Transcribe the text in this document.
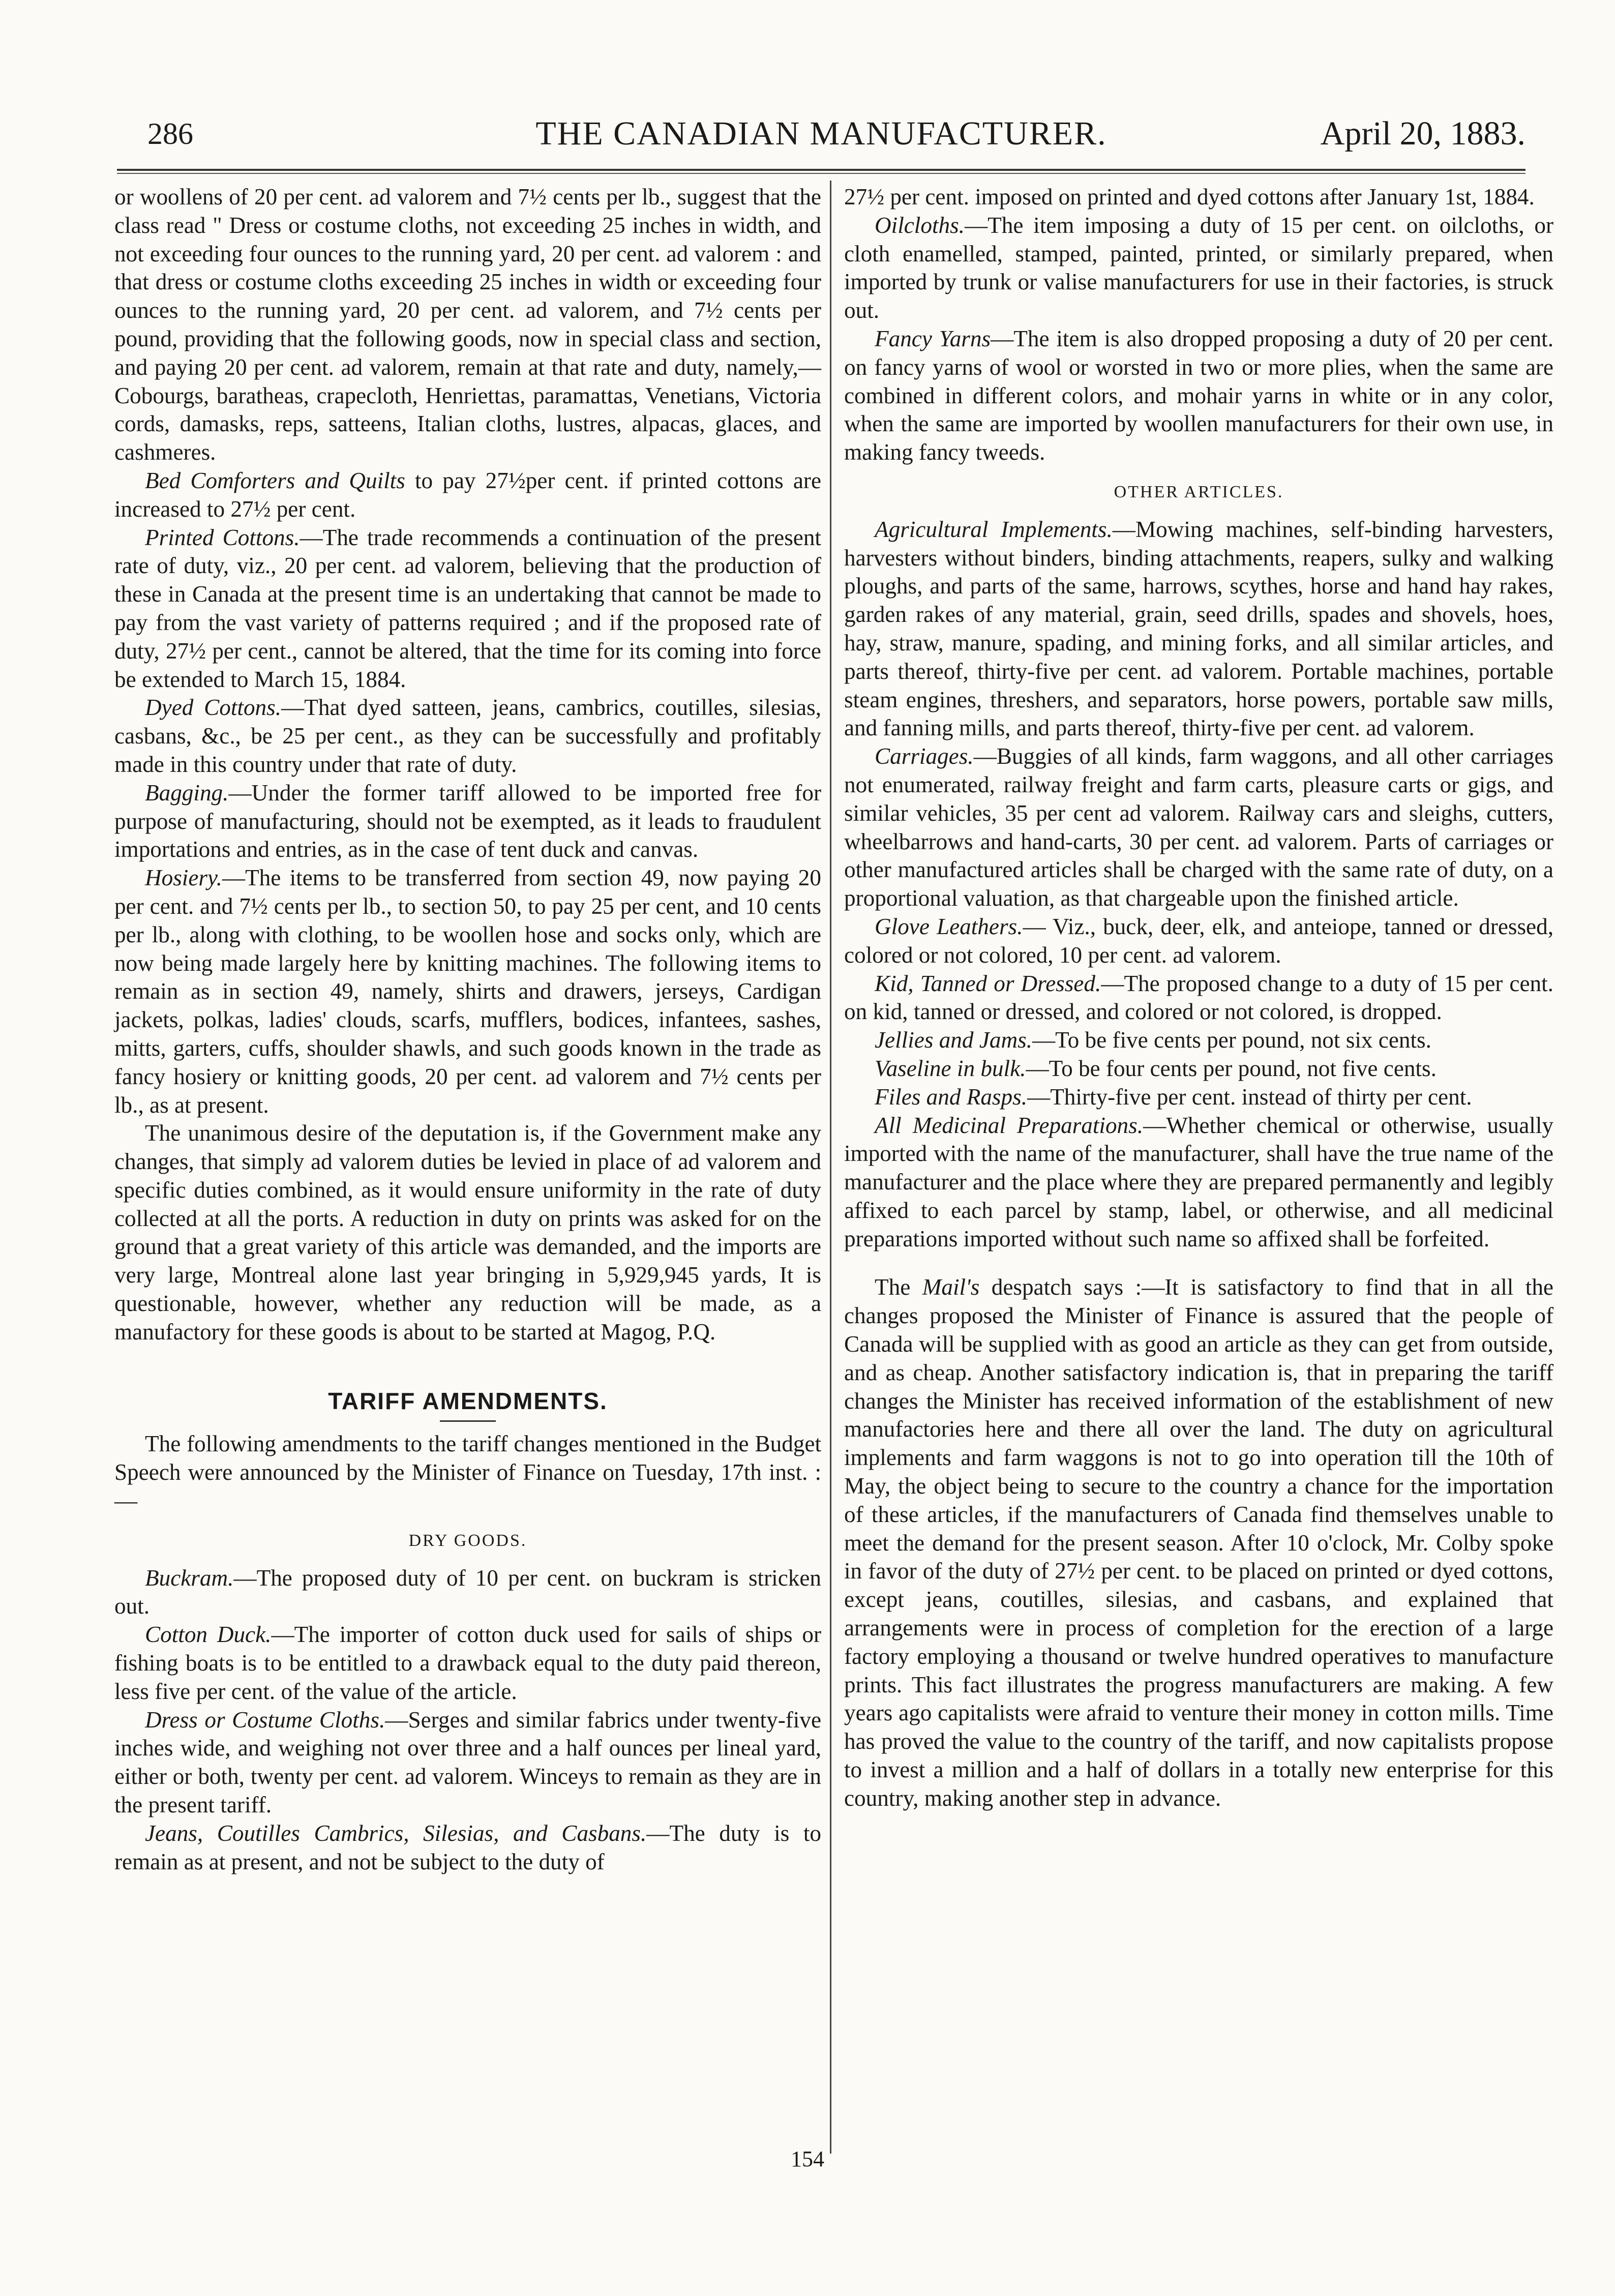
286	THE CANADIAN MANUFACTURER.	April 20, 1883.

or woollens of 20 per cent. ad valorem and 7½ cents per lb., suggest that the class read " Dress or costume cloths, not exceeding 25 inches in width, and not exceeding four ounces to the running yard, 20 per cent. ad valorem : and that dress or costume cloths exceeding 25 inches in width or exceeding four ounces to the running yard, 20 per cent. ad valorem, and 7½ cents per pound, providing that the following goods, now in special class and section, and paying 20 per cent. ad valorem, remain at that rate and duty, namely,—Cobourgs, baratheas, crapecloth, Henriettas, paramattas, Venetians, Victoria cords, damasks, reps, satteens, Italian cloths, lustres, alpacas, glaces, and cashmeres.

Bed Comforters and Quilts to pay 27½per cent. if printed cottons are increased to 27½ per cent.

Printed Cottons.—The trade recommends a continuation of the present rate of duty, viz., 20 per cent. ad valorem, believing that the production of these in Canada at the present time is an undertaking that cannot be made to pay from the vast variety of patterns required ; and if the proposed rate of duty, 27½ per cent., cannot be altered, that the time for its coming into force be extended to March 15, 1884.

Dyed Cottons.—That dyed satteen, jeans, cambrics, coutilles, silesias, casbans, &c., be 25 per cent., as they can be successfully and profitably made in this country under that rate of duty.

Bagging.—Under the former tariff allowed to be imported free for purpose of manufacturing, should not be exempted, as it leads to fraudulent importations and entries, as in the case of tent duck and canvas.

Hosiery.—The items to be transferred from section 49, now paying 20 per cent. and 7½ cents per lb., to section 50, to pay 25 per cent, and 10 cents per lb., along with clothing, to be woollen hose and socks only, which are now being made largely here by knitting machines. The following items to remain as in section 49, namely, shirts and drawers, jerseys, Cardigan jackets, polkas, ladies' clouds, scarfs, mufflers, bodices, infantees, sashes, mitts, garters, cuffs, shoulder shawls, and such goods known in the trade as fancy hosiery or knitting goods, 20 per cent. ad valorem and 7½ cents per lb., as at present.

The unanimous desire of the deputation is, if the Government make any changes, that simply ad valorem duties be levied in place of ad valorem and specific duties combined, as it would ensure uniformity in the rate of duty collected at all the ports. A reduction in duty on prints was asked for on the ground that a great variety of this article was demanded, and the imports are very large, Montreal alone last year bringing in 5,929,945 yards, It is questionable, however, whether any reduction will be made, as a manufactory for these goods is about to be started at Magog, P.Q.

TARIFF AMENDMENTS.

The following amendments to the tariff changes mentioned in the Budget Speech were announced by the Minister of Finance on Tuesday, 17th inst. :—

DRY GOODS.

Buckram.—The proposed duty of 10 per cent. on buckram is stricken out.

Cotton Duck.—The importer of cotton duck used for sails of ships or fishing boats is to be entitled to a drawback equal to the duty paid thereon, less five per cent. of the value of the article.

Dress or Costume Cloths.—Serges and similar fabrics under twenty-five inches wide, and weighing not over three and a half ounces per lineal yard, either or both, twenty per cent. ad valorem. Winceys to remain as they are in the present tariff.

Jeans, Coutilles Cambrics, Silesias, and Casbans.—The duty is to remain as at present, and not be subject to the duty of

27½ per cent. imposed on printed and dyed cottons after January 1st, 1884.

Oilcloths.—The item imposing a duty of 15 per cent. on oilcloths, or cloth enamelled, stamped, painted, printed, or similarly prepared, when imported by trunk or valise manufacturers for use in their factories, is struck out.

Fancy Yarns—The item is also dropped proposing a duty of 20 per cent. on fancy yarns of wool or worsted in two or more plies, when the same are combined in different colors, and mohair yarns in white or in any color, when the same are imported by woollen manufacturers for their own use, in making fancy tweeds.

OTHER ARTICLES.

Agricultural Implements.—Mowing machines, self-binding harvesters, harvesters without binders, binding attachments, reapers, sulky and walking ploughs, and parts of the same, harrows, scythes, horse and hand hay rakes, garden rakes of any material, grain, seed drills, spades and shovels, hoes, hay, straw, manure, spading, and mining forks, and all similar articles, and parts thereof, thirty-five per cent. ad valorem. Portable machines, portable steam engines, threshers, and separators, horse powers, portable saw mills, and fanning mills, and parts thereof, thirty-five per cent. ad valorem.

Carriages.—Buggies of all kinds, farm waggons, and all other carriages not enumerated, railway freight and farm carts, pleasure carts or gigs, and similar vehicles, 35 per cent ad valorem. Railway cars and sleighs, cutters, wheelbarrows and hand-carts, 30 per cent. ad valorem. Parts of carriages or other manufactured articles shall be charged with the same rate of duty, on a proportional valuation, as that chargeable upon the finished article.

Glove Leathers.— Viz., buck, deer, elk, and anteiope, tanned or dressed, colored or not colored, 10 per cent. ad valorem.

Kid, Tanned or Dressed.—The proposed change to a duty of 15 per cent. on kid, tanned or dressed, and colored or not colored, is dropped.

Jellies and Jams.—To be five cents per pound, not six cents.

Vaseline in bulk.—To be four cents per pound, not five cents.

Files and Rasps.—Thirty-five per cent. instead of thirty per cent.

All Medicinal Preparations.—Whether chemical or otherwise, usually imported with the name of the manufacturer, shall have the true name of the manufacturer and the place where they are prepared permanently and legibly affixed to each parcel by stamp, label, or otherwise, and all medicinal preparations imported without such name so affixed shall be forfeited.

The Mail's despatch says :—It is satisfactory to find that in all the changes proposed the Minister of Finance is assured that the people of Canada will be supplied with as good an article as they can get from outside, and as cheap. Another satisfactory indication is, that in preparing the tariff changes the Minister has received information of the establishment of new manufactories here and there all over the land. The duty on agricultural implements and farm waggons is not to go into operation till the 10th of May, the object being to secure to the country a chance for the importation of these articles, if the manufacturers of Canada find themselves unable to meet the demand for the present season. After 10 o'clock, Mr. Colby spoke in favor of the duty of 27½ per cent. to be placed on printed or dyed cottons, except jeans, coutilles, silesias, and casbans, and explained that arrangements were in process of completion for the erection of a large factory employing a thousand or twelve hundred operatives to manufacture prints. This fact illustrates the progress manufacturers are making. A few years ago capitalists were afraid to venture their money in cotton mills. Time has proved the value to the country of the tariff, and now capitalists propose to invest a million and a half of dollars in a totally new enterprise for this country, making another step in advance.

154
